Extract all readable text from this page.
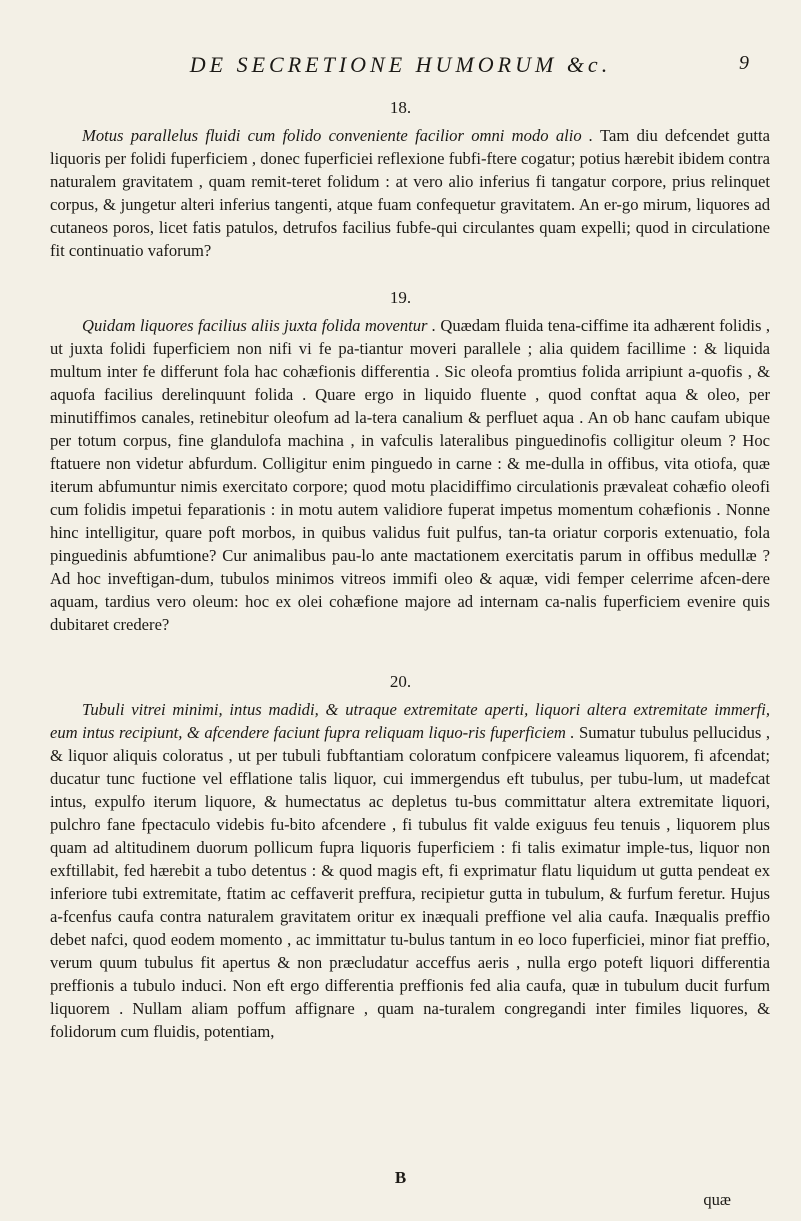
DE SECRETIONE HUMORUM &c.	9
18.
Motus parallelus fluidi cum folido conveniente facilior omni modo alio . Tam diu defcendet gutta liquoris per folidi fuperficiem , donec fuperficiei reflexione fubfi-ftere cogatur; potius hærebit ibidem contra naturalem gravitatem , quam remit-teret folidum : at vero alio inferius fi tangatur corpore, prius relinquet corpus, & jungetur alteri inferius tangenti, atque fuam confequetur gravitatem. An er-go mirum, liquores ad cutaneos poros, licet fatis patulos, detrufos facilius fubfe-qui circulantes quam expelli; quod in circulatione fit continuatio vaforum?
19.
Quidam liquores facilius aliis juxta folida moventur . Quædam fluida tena-ciffime ita adhærent folidis , ut juxta folidi fuperficiem non nifi vi fe pa-tiantur moveri parallele ; alia quidem facillime : & liquida multum inter fe differunt fola hac cohæfionis differentia . Sic oleofa promtius folida arripiunt a-quofis , & aquofa facilius derelinquunt folida . Quare ergo in liquido fluente , quod conftat aqua & oleo, per minutiffimos canales, retinebitur oleofum ad la-tera canalium & perfluet aqua . An ob hanc caufam ubique per totum corpus, fine glandulofa machina , in vafculis lateralibus pinguedinofis colligitur oleum ? Hoc ftatuere non videtur abfurdum. Colligitur enim pinguedo in carne : & me-dulla in offibus, vita otiofa, quæ iterum abfumuntur nimis exercitato corpore; quod motu placidiffimo circulationis prævaleat cohæfio oleofi cum folidis impetui feparationis : in motu autem validiore fuperat impetus momentum cohæfionis . Nonne hinc intelligitur, quare poft morbos, in quibus validus fuit pulfus, tan-ta oriatur corporis extenuatio, fola pinguedinis abfumtione? Cur animalibus pau-lo ante mactationem exercitatis parum in offibus medullæ ? Ad hoc inveftigan-dum, tubulos minimos vitreos immifi oleo & aquæ, vidi femper celerrime afcen-dere aquam, tardius vero oleum: hoc ex olei cohæfione majore ad internam ca-nalis fuperficiem evenire quis dubitaret credere?
20.
Tubuli vitrei minimi, intus madidi, & utraque extremitate aperti, liquori altera extremitate immerfi, eum intus recipiunt, & afcendere faciunt fupra reliquam liquo-ris fuperficiem . Sumatur tubulus pellucidus , & liquor aliquis coloratus , ut per tubuli fubftantiam coloratum confpicere valeamus liquorem, fi afcendat; ducatur tunc fuctione vel efflatione talis liquor, cui immergendus eft tubulus, per tubu-lum, ut madefcat intus, expulfo iterum liquore, & humectatus ac depletus tu-bus committatur altera extremitate liquori, pulchro fane fpectaculo videbis fu-bito afcendere , fi tubulus fit valde exiguus feu tenuis , liquorem plus quam ad altitudinem duorum pollicum fupra liquoris fuperficiem : fi talis eximatur imple-tus, liquor non exftillabit, fed hærebit a tubo detentus : & quod magis eft, fi exprimatur flatu liquidum ut gutta pendeat ex inferiore tubi extremitate, ftatim ac ceffaverit preffura, recipietur gutta in tubulum, & furfum feretur. Hujus a-fcenfus caufa contra naturalem gravitatem oritur ex inæquali preffione vel alia caufa. Inæqualis preffio debet nafci, quod eodem momento , ac immittatur tu-bulus tantum in eo loco fuperficiei, minor fiat preffio, verum quum tubulus fit apertus & non præcludatur acceffus aeris , nulla ergo poteft liquori differentia preffionis a tubulo induci. Non eft ergo differentia preffionis fed alia caufa, quæ in tubulum ducit furfum liquorem . Nullam aliam poffum affignare , quam na-turalem congregandi inter fimiles liquores, & folidorum cum fluidis, potentiam,
B
quæ
